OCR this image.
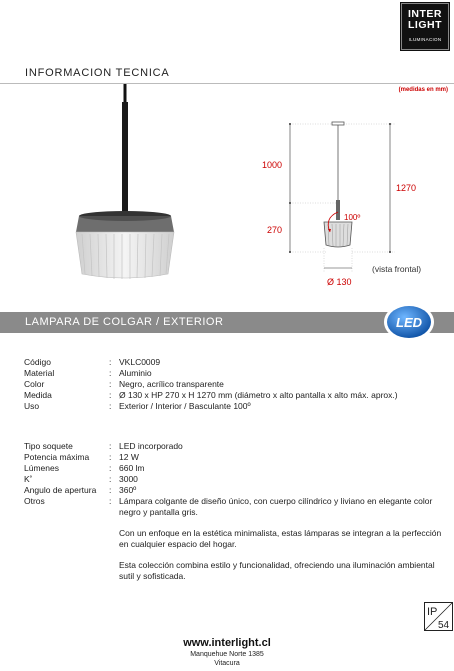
INTER
LIGHT
ILUMINACION
INFORMACION TECNICA
(medidas en mm)
1000
270
1270
100º
Ø 130
(vista frontal)
LAMPARA DE COLGAR / EXTERIOR	LED
Código	: VKLC0009
Material	: Aluminio
Color	: Negro, acrílico transparente
Medida	: Ø 130 x HP 270 x H 1270 mm (diámetro x alto pantalla x alto máx. aprox.)
Uso	: Exterior / Interior / Basculante 100º
Tipo soquete	: LED incorporado
Potencia máxima	: 12 W
Lúmenes	: 660 lm
K˚	: 3000
Angulo de apertura	: 360º
Otros	: Lámpara colgante de diseño único, con cuerpo cilíndrico y liviano en elegante color negro y pantalla gris.

Con un enfoque en la estética minimalista, estas lámparas se integran a la perfección en cualquier espacio del hogar.

Esta colección combina estilo y funcionalidad, ofreciendo una iluminación ambiental sutil y sofisticada.

IP
54
www.interlight.cl
Manquehue Norte 1385
Vitacura
